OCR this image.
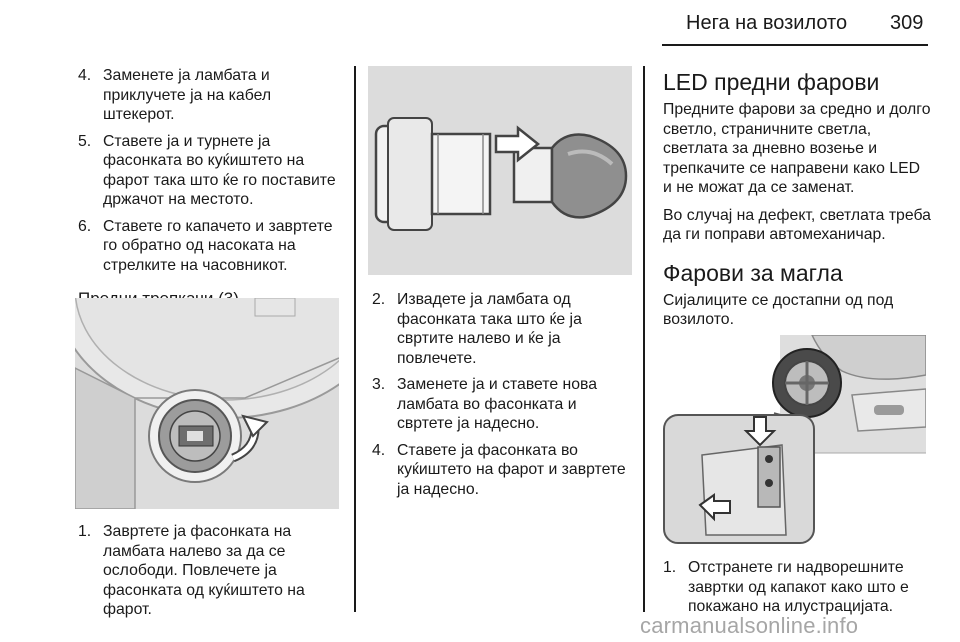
Нега на возилото 309
4. Заменете ја ламбата и приклучете ја на кабел штекерот.
5. Ставете ја и турнете ја фасонката во куќиштето на фарот така што ќе го поставите држачот на местото.
6. Ставете го капачето и завртете го обратно од насоката на стрелките на часовникот.
1. Завртете ја фасонката на ламбата налево за да се ослободи. Повлечете ја фасонката од куќиштето на фарот.
2. Извадете ја ламбата од фасонката така што ќе ја свртите налево и ќе ја повлечете.
3. Заменете ја и ставете нова ламбата во фасонката и свртете ја надесно.
4. Ставете ја фасонката во куќиштето на фарот и завртете ја надесно.
LED предни фарови
Предните фарови за средно и долго светло, страничните светла, светлата за дневно возење и трепкачите се направени како LED и не можат да се заменат.
Во случај на дефект, светлата треба да ги поправи автомеханичар.
Фарови за магла
Сијалиците се достапни од под возилото.
1. Отстранете ги надворешните завртки од капакот како што е покажано на илустрацијата.
carmanualsonline.info
